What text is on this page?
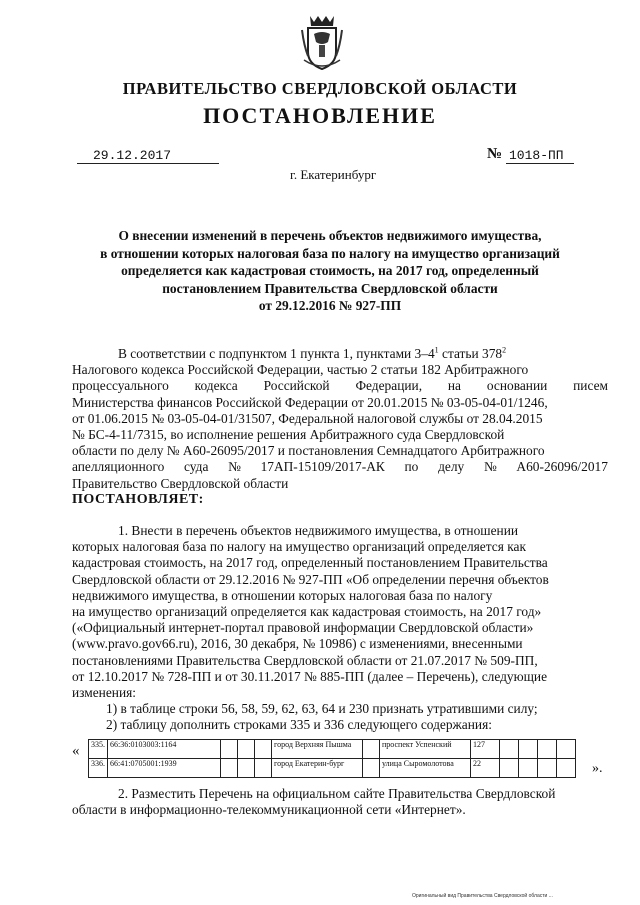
ПРАВИТЕЛЬСТВО СВЕРДЛОВСКОЙ ОБЛАСТИ
ПОСТАНОВЛЕНИЕ
29.12.2017	№ 1018-ПП
г. Екатеринбург
О внесении изменений в перечень объектов недвижимого имущества,
в отношении которых налоговая база по налогу на имущество организаций
определяется как кадастровая стоимость, на 2017 год, определенный
постановлением Правительства Свердловской области
от 29.12.2016 № 927-ПП
В соответствии с подпунктом 1 пункта 1, пунктами $3-4^1$ статьи $378^2$
Налогового кодекса Российской Федерации, частью 2 статьи 182 Арбитражного
процессуального кодекса Российской Федерации, на основании писем
Министерства финансов Российской Федерации от 20.01.2015 № 03-05-04-01/1246,
от 01.06.2015 № 03-05-04-01/31507, Федеральной налоговой службы от 28.04.2015
№ БС-4-11/7315, во исполнение решения Арбитражного суда Свердловской
области по делу № А60-26095/2017 и постановления Семнадцатого Арбитражного
апелляционного суда № 17АП-15109/2017-АК по делу № А60-26096/2017
Правительство Свердловской области
ПОСТАНОВЛЯЕТ:
1. Внести в перечень объектов недвижимого имущества, в отношении
которых налоговая база по налогу на имущество организаций определяется как
кадастровая стоимость, на 2017 год, определенный постановлением Правительства
Свердловской области от 29.12.2016 № 927-ПП «Об определении перечня объектов
недвижимого имущества, в отношении которых налоговая база по налогу
на имущество организаций определяется как кадастровая стоимость, на 2017 год»
(«Официальный интернет-портал правовой информации Свердловской области»
(www.pravo.gov66.ru), 2016, 30 декабря, № 10986) с изменениями, внесенными
постановлениями Правительства Свердловской области от 21.07.2017 № 509-ПП,
от 12.10.2017 № 728-ПП и от 30.11.2017 № 885-ПП (далее – Перечень), следующие
изменения:
1) в таблице строки 56, 58, 59, 62, 63, 64 и 230 признать утратившими силу;
2) таблицу дополнить строками 335 и 336 следующего содержания:
« 335.	66:36:0103003:1164				город Верхняя Пышма		проспект Успенский	127				
336.	66:41:0705001:1939				город Екатерин-бург		улица Сыромолотова	22					».
2. Разместить Перечень на официальном сайте Правительства Свердловской
области в информационно-телекоммуникационной сети «Интернет».
Оригинальный вид Правительства Свердловской области ...
